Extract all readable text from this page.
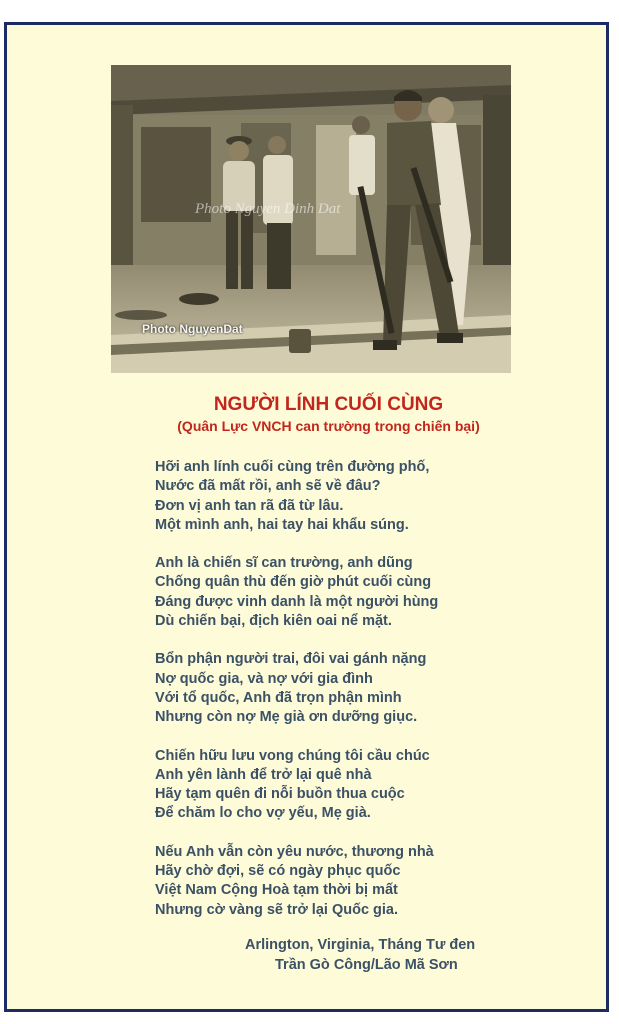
Photo Nguyen Dinh Dat
Photo NguyenDat
NGƯỜI LÍNH CUỐI CÙNG
(Quân Lực VNCH can trường trong chiến bại)
Hỡi anh lính cuối cùng trên đường phố,
Nước đã mất rồi, anh sẽ về đâu?
Đơn vị anh tan rã đã từ lâu.
Một mình anh, hai tay hai khẩu súng.
Anh là chiến sĩ can trường, anh dũng
Chống quân thù đến giờ phút cuối cùng
Đáng được vinh danh là một người hùng
Dù chiến bại, địch kiên oai nể mặt.
Bổn phận người trai, đôi vai gánh nặng
Nợ quốc gia, và nợ với gia đình
Với tổ quốc, Anh đã trọn phận mình
Nhưng còn nợ Mẹ già ơn dưỡng giục.
Chiến hữu lưu vong chúng tôi cầu chúc
Anh yên lành để trở lại quê nhà
Hãy tạm quên đi nỗi buồn thua cuộc
Để chăm lo cho vợ yếu, Mẹ già.
Nếu Anh vẫn còn yêu nước, thương nhà
Hãy chờ đợi, sẽ có ngày phục quốc
Việt Nam Cộng Hoà tạm thời bị mất
Nhưng cờ vàng sẽ trở lại Quốc gia.
Arlington, Virginia, Tháng Tư đen
Trần Gò Công/Lão Mã Sơn
